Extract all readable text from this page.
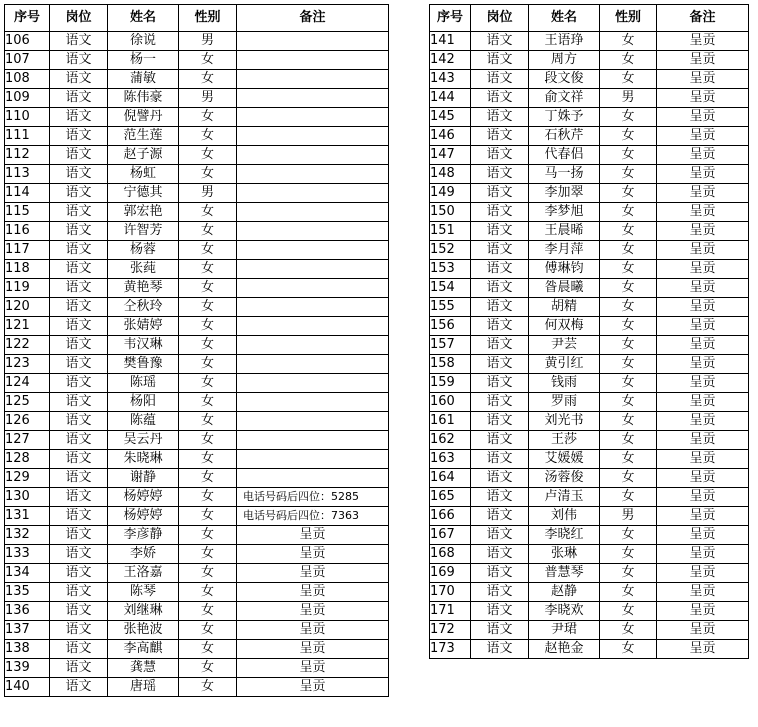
序号	岗位	姓名	性别	备注
106	语文	徐说	男	
107	语文	杨一	女	
108	语文	蒲敏	女	
109	语文	陈伟豪	男	
110	语文	倪譬丹	女	
111	语文	范生莲	女	
112	语文	赵子源	女	
113	语文	杨虹	女	
114	语文	宁德其	男	
115	语文	郭宏艳	女	
116	语文	许智芳	女	
117	语文	杨蓉	女	
118	语文	张莼	女	
119	语文	黄艳琴	女	
120	语文	仝秋玲	女	
121	语文	张婧婷	女	
122	语文	韦汉琳	女	
123	语文	樊鲁豫	女	
124	语文	陈瑶	女	
125	语文	杨阳	女	
126	语文	陈蕴	女	
127	语文	吴云丹	女	
128	语文	朱晓琳	女	
129	语文	谢静	女	
130	语文	杨婷婷	女	电话号码后四位：5285
131	语文	杨婷婷	女	电话号码后四位：7363
132	语文	李彦静	女	呈贡
133	语文	李娇	女	呈贡
134	语文	王洛嘉	女	呈贡
135	语文	陈琴	女	呈贡
136	语文	刘继琳	女	呈贡
137	语文	张艳波	女	呈贡
138	语文	李高麒	女	呈贡
139	语文	龚慧	女	呈贡
140	语文	唐瑶	女	呈贡
序号	岗位	姓名	性别	备注
141	语文	王语琤	女	呈贡
142	语文	周方	女	呈贡
143	语文	段文俊	女	呈贡
144	语文	俞文祥	男	呈贡
145	语文	丁姝予	女	呈贡
146	语文	石秋芹	女	呈贡
147	语文	代春侣	女	呈贡
148	语文	马一扬	女	呈贡
149	语文	李加翠	女	呈贡
150	语文	李梦旭	女	呈贡
151	语文	王晨晞	女	呈贡
152	语文	李月萍	女	呈贡
153	语文	傅琳钧	女	呈贡
154	语文	昝晨曦	女	呈贡
155	语文	胡精	女	呈贡
156	语文	何双梅	女	呈贡
157	语文	尹芸	女	呈贡
158	语文	黄引红	女	呈贡
159	语文	钱雨	女	呈贡
160	语文	罗雨	女	呈贡
161	语文	刘光书	女	呈贡
162	语文	王莎	女	呈贡
163	语文	艾媛媛	女	呈贡
164	语文	汤蓉俊	女	呈贡
165	语文	卢清玉	女	呈贡
166	语文	刘伟	男	呈贡
167	语文	李晓红	女	呈贡
168	语文	张琳	女	呈贡
169	语文	普慧琴	女	呈贡
170	语文	赵静	女	呈贡
171	语文	李晓欢	女	呈贡
172	语文	尹珺	女	呈贡
173	语文	赵艳金	女	呈贡
